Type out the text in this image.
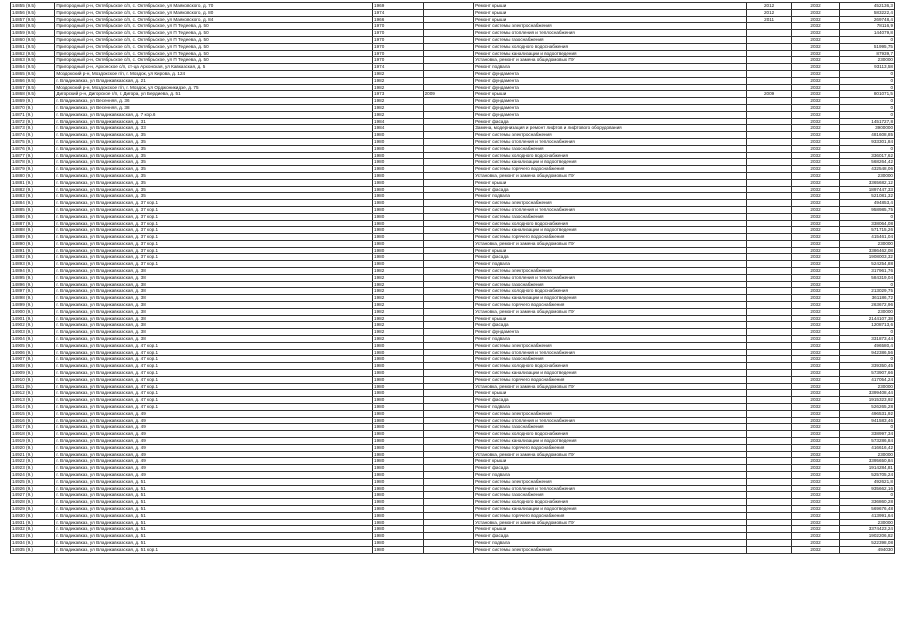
14855 (9.5)	Пригородный р-н, Октябрьское с/п, с. Октябрьское, ул Маяковского, д. 70	1969		Ремонт крыши	2012	2032	452136,3
14856 (9.5)	Пригородный р-н, Октябрьское с/п, с. Октябрьское, ул Маяковского, д. 80	1974		Ремонт крыши	2012	2032	583222,4
14857 (9.5)	Пригородный р-н, Октябрьское с/п, с. Октябрьское, ул Маяковского, д. 84	1966		Ремонт крыши	2011	2032	269748,4
14858 (9.5)	Пригородный р-н, Октябрьское с/п, с. Октябрьское, ул П Тедеева, д. 50	1970		Ремонт системы электроснабжения		2032	78116,9
14859 (9.5)	Пригородный р-н, Октябрьское с/п, с. Октябрьское, ул П Тедеева, д. 50	1970		Ремонт системы отопления и теплоснабжения		2032	144079,8
14860 (9.5)	Пригородный р-н, Октябрьское с/п, с. Октябрьское, ул П Тедеева, д. 50	1970		Ремонт системы газоснабжения		2032	0
14861 (9.5)	Пригородный р-н, Октябрьское с/п, с. Октябрьское, ул П Тедеева, д. 50	1970		Ремонт системы холодного водоснабжения		2032	51995,75
14862 (9.5)	Пригородный р-н, Октябрьское с/п, с. Октябрьское, ул П Тедеева, д. 50	1970		Ремонт системы канализации и водоотведения		2032	87939,7
14863 (9.5)	Пригородный р-н, Октябрьское с/п, с. Октябрьское, ул П Тедеева, д. 50	1970		Установка, ремонт и замена общедомовых ПУ		2032	230000
14864 (9.5)	Пригородный р-н, Архонское с/п, ст-ца Архонская, ул Кавказская, д. 5	1974		Ремонт подвала		2032	93113,58
14865 (9.5)	Моздокский р-н, Моздокское г/п, г. Моздок, ул Кирова, д. 124	1982		Ремонт фундамента		2032	0
14866 (9.5)	г. Владикавказ, ул Владикавказская, д. 21	1982		Ремонт фундамента		2032	0
14867 (9.5)	Моздокский р-н, Моздокское г/п, г. Моздок, ул Орджоникидзе, д. 75	1982		Ремонт фундамента		2032	0
14868 (9.5)	Дигорский р-н, Дигорское г/п, г. Дигора, ул Бердиева, д. 51	1973	2009	Ремонт крыши	2009	2032	801071,5
14869 (9.)	г. Владикавказ, ул Весенняя, д. 36	1982		Ремонт фундамента		2032	0
14870 (9.)	г. Владикавказ, ул Весенняя, д. 38	1982		Ремонт фундамента		2032	0
14871 (9.)	г. Владикавказ, ул Владикавказская, д. 7 кор.6	1982		Ремонт фундамента		2032	0
14872 (9.)	г. Владикавказ, ул Владикавказская, д. 31	1984		Ремонт фасада		2032	1451727,8
14873 (9.)	г. Владикавказ, ул Владикавказская, д. 33	1984		Замена, модернизация и ремонт лифтов и лифтового оборудования		2032	3900000
14874 (9.)	г. Владикавказ, ул Владикавказская, д. 35	1980		Ремонт системы электроснабжения		2032	481608,85
14875 (9.)	г. Владикавказ, ул Владикавказская, д. 35	1980		Ремонт системы отопления и теплоснабжения		2032	933301,84
14876 (9.)	г. Владикавказ, ул Владикавказская, д. 35	1980		Ремонт системы газоснабжения		2032	0
14877 (9.)	г. Владикавказ, ул Владикавказская, д. 35	1980		Ремонт системы холодного водоснабжения		2032	336017,62
14878 (9.)	г. Владикавказ, ул Владикавказская, д. 35	1980		Ремонт системы канализации и водоотведения		2032	568264,42
14879 (9.)	г. Владикавказ, ул Владикавказская, д. 35	1980		Ремонт системы горячего водоснабжения		2032	432548,06
14880 (9.)	г. Владикавказ, ул Владикавказская, д. 35	1980		Установка, ремонт и замена общедомовых ПУ		2032	230000
14881 (9.)	г. Владикавказ, ул Владикавказская, д. 35	1980		Ремонт крыши		2032	3365682,12
14882 (9.)	г. Владикавказ, ул Владикавказская, д. 35	1980		Ремонт фасада		2032	1897447,33
14883 (9.)	г. Владикавказ, ул Владикавказская, д. 35	1980		Ремонт подвала		2032	521081,32
14884 (9.)	г. Владикавказ, ул Владикавказская, д. 37 кор.1	1980		Ремонт системы электроснабжения		2032	494853,4
14885 (9.)	г. Владикавказ, ул Владикавказская, д. 37 кор.1	1980		Ремонт системы отопления и теплоснабжения		2032	958985,75
14886 (9.)	г. Владикавказ, ул Владикавказская, д. 37 кор.1	1980		Ремонт системы газоснабжения		2032	0
14887 (9.)	г. Владикавказ, ул Владикавказская, д. 37 кор.1	1980		Ремонт системы холодного водоснабжения		2032	338064,08
14888 (9.)	г. Владикавказ, ул Владикавказская, д. 37 кор.1	1980		Ремонт системы канализации и водоотведения		2032	571715,26
14889 (9.)	г. Владикавказ, ул Владикавказская, д. 37 кор.1	1980		Ремонт системы горячего водоснабжения		2032	415461,04
14890 (9.)	г. Владикавказ, ул Владикавказская, д. 37 кор.1	1980		Установка, ремонт и замена общедомовых ПУ		2032	230000
14891 (9.)	г. Владикавказ, ул Владикавказская, д. 37 кор.1	1980		Ремонт крыши		2032	3386462,08
14892 (9.)	г. Владикавказ, ул Владикавказская, д. 37 кор.1	1980		Ремонт фасада		2032	1908003,32
14893 (9.)	г. Владикавказ, ул Владикавказская, д. 37 кор.1	1980		Ремонт подвала		2032	524254,88
14894 (9.)	г. Владикавказ, ул Владикавказская, д. 38	1982		Ремонт системы электроснабжения		2032	317961,76
14895 (9.)	г. Владикавказ, ул Владикавказская, д. 38	1982		Ремонт системы отопления и теплоснабжения		2032	584319,04
14896 (9.)	г. Владикавказ, ул Владикавказская, д. 38	1982		Ремонт системы газоснабжения		2032	0
14897 (9.)	г. Владикавказ, ул Владикавказская, д. 38	1982		Ремонт системы холодного водоснабжения		2032	213029,75
14898 (9.)	г. Владикавказ, ул Владикавказская, д. 38	1982		Ремонт системы канализации и водоотведения		2032	361186,72
14899 (9.)	г. Владикавказ, ул Владикавказская, д. 38	1982		Ремонт системы горячего водоснабжения		2032	263672,96
14900 (9.)	г. Владикавказ, ул Владикавказская, д. 38	1982		Установка, ремонт и замена общедомовых ПУ		2032	230000
14901 (9.)	г. Владикавказ, ул Владикавказская, д. 38	1982		Ремонт крыши		2032	2144107,38
14902 (9.)	г. Владикавказ, ул Владикавказская, д. 38	1982		Ремонт фасада		2032	1208713,6
14903 (9.)	г. Владикавказ, ул Владикавказская, д. 38	1982		Ремонт фундамента		2032	0
14904 (9.)	г. Владикавказ, ул Владикавказская, д. 38	1982		Ремонт подвала		2032	331873,44
14905 (9.)	г. Владикавказ, ул Владикавказская, д. 47 кор.1	1980		Ремонт системы электроснабжения		2032	496580,4
14906 (9.)	г. Владикавказ, ул Владикавказская, д. 47 кор.1	1980		Ремонт системы отопления и теплоснабжения		2032	942386,56
14907 (9.)	г. Владикавказ, ул Владикавказская, д. 47 кор.1	1980		Ремонт системы газоснабжения		2032	0
14908 (9.)	г. Владикавказ, ул Владикавказская, д. 47 кор.1	1980		Ремонт системы холодного водоснабжения		2032	339350,45
14909 (9.)	г. Владикавказ, ул Владикавказская, д. 47 кор.1	1980		Ремонт системы канализации и водоотведения		2032	573907,66
14910 (9.)	г. Владикавказ, ул Владикавказская, д. 47 кор.1	1980		Ремонт системы горячего водоснабжения		2032	417054,24
14911 (9.)	г. Владикавказ, ул Владикавказская, д. 47 кор.1	1980		Установка, ремонт и замена общедомовых ПУ		2032	230000
14912 (9.)	г. Владикавказ, ул Владикавказская, д. 47 кор.1	1980		Ремонт крыши		2032	3399408,44
14913 (9.)	г. Владикавказ, ул Владикавказская, д. 47 кор.1	1980		Ремонт фасада		2032	1915323,92
14914 (9.)	г. Владикавказ, ул Владикавказская, д. 47 кор.1	1980		Ремонт подвала		2032	526265,28
14915 (9.)	г. Владикавказ, ул Владикавказская, д. 49	1980		Ремонт системы электроснабжения		2032	496531,92
14916 (9.)	г. Владикавказ, ул Владикавказская, д. 49	1980		Ремонт системы отопления и теплоснабжения		2032	941583,46
14917 (9.)	г. Владикавказ, ул Владикавказская, д. 49	1980		Ремонт системы газоснабжения		2032	0
14918 (9.)	г. Владикавказ, ул Владикавказская, д. 49	1980		Ремонт системы холодного водоснабжения		2032	338997,34
14919 (9.)	г. Владикавказ, ул Владикавказская, д. 49	1980		Ремонт системы канализации и водоотведения		2032	573286,84
14920 (9.)	г. Владикавказ, ул Владикавказская, д. 49	1980		Ремонт системы горячего водоснабжения		2032	416616,42
14921 (9.)	г. Владикавказ, ул Владикавказская, д. 49	1980		Установка, ремонт и замена общедомовых ПУ		2032	230000
14922 (9.)	г. Владикавказ, ул Владикавказская, д. 49	1980		Ремонт крыши		2032	3395650,84
14923 (9.)	г. Владикавказ, ул Владикавказская, д. 49	1980		Ремонт фасада		2032	1914284,81
14924 (9.)	г. Владикавказ, ул Владикавказская, д. 49	1980		Ремонт подвала		2032	525705,24
14925 (9.)	г. Владикавказ, ул Владикавказская, д. 51	1980		Ремонт системы электроснабжения		2032	492621,8
14926 (9.)	г. Владикавказ, ул Владикавказская, д. 51	1980		Ремонт системы отопления и теплоснабжения		2032	935662,16
14927 (9.)	г. Владикавказ, ул Владикавказская, д. 51	1980		Ремонт системы газоснабжения		2032	0
14928 (9.)	г. Владикавказ, ул Владикавказская, д. 51	1980		Ремонт системы холодного водоснабжения		2032	336860,28
14929 (9.)	г. Владикавказ, ул Владикавказская, д. 51	1980		Ремонт системы канализации и водоотведения		2032	569676,48
14930 (9.)	г. Владикавказ, ул Владикавказская, д. 51	1980		Ремонт системы горячего водоснабжения		2032	413991,64
14931 (9.)	г. Владикавказ, ул Владикавказская, д. 51	1980		Установка, ремонт и замена общедомовых ПУ		2032	230000
14932 (9.)	г. Владикавказ, ул Владикавказская, д. 51	1980		Ремонт крыши		2032	3374423,24
14933 (9.)	г. Владикавказ, ул Владикавказская, д. 51	1980		Ремонт фасада		2032	1902206,82
14934 (9.)	г. Владикавказ, ул Владикавказская, д. 51	1980		Ремонт подвала		2032	522398,08
14935 (9.)	г. Владикавказ, ул Владикавказская, д. 51 кор.1	1980		Ремонт системы электроснабжения		2032	494030
